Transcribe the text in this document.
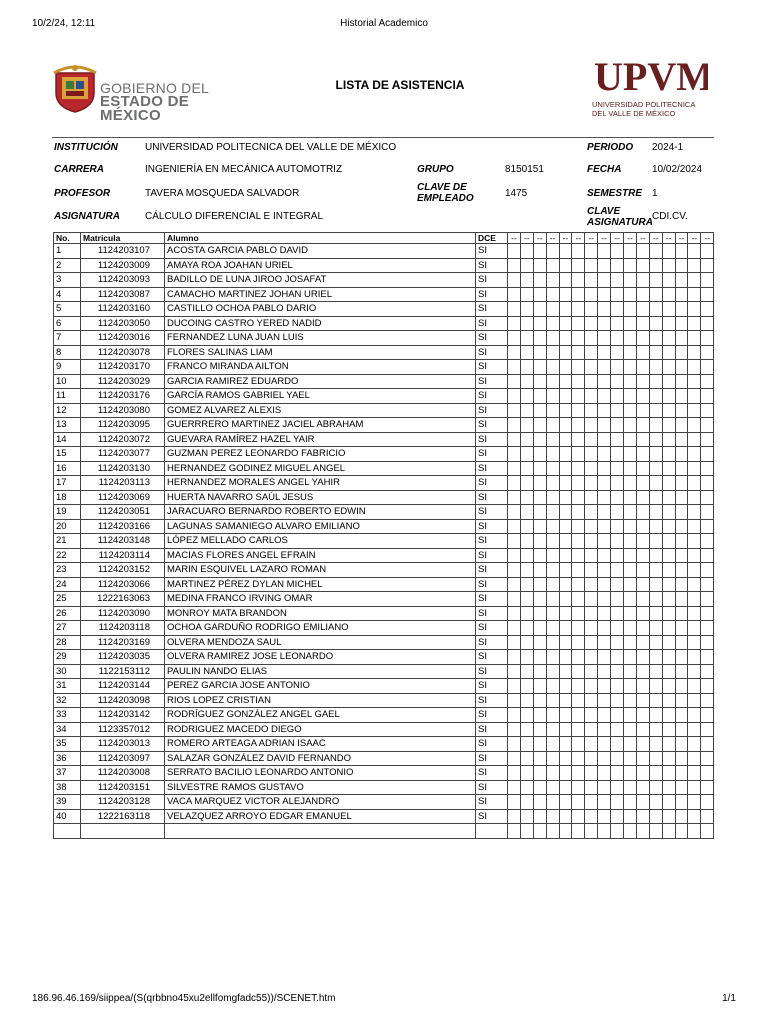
10/2/24, 12:11	Historial Academico
GOBIERNO DEL
ESTADO DE MÉXICO
LISTA DE ASISTENCIA	UPVM
UNIVERSIDAD POLITECNICA
DEL VALLE DE MÉXICO
INSTITUCIÓN	UNIVERSIDAD POLITECNICA DEL VALLE DE MÉXICO	PERIODO 2024-1
CARRERA	INGENIERÍA EN MECÁNICA AUTOMOTRIZ	GRUPO	8150151	FECHA	10/02/2024
PROFESOR	TAVERA MOSQUEDA SALVADOR
CLAVE DE
EMPLEADO	1475	SEMESTRE 1
ASIGNATURA	CÁLCULO DIFERENCIAL E INTEGRAL	CLAVE
ASIGNATURA
CDI.CV.
No.	Matricula	Alumno	DCE	--	--	--	--	--	--	--	--	--	--	--	--	--	--	--	--
1	1124203107	ACOSTA GARCIA PABLO DAVID	SI																
2	1124203009	AMAYA ROA JOAHAN URIEL	SI																
3	1124203093	BADILLO DE LUNA JIROO JOSAFAT	SI																
4	1124203087	CAMACHO MARTINEZ JOHAN URIEL	SI																
5	1124203160	CASTILLO OCHOA PABLO DARIO	SI																
6	1124203050	DUCOING CASTRO YERED NADID	SI																
7	1124203016	FERNANDEZ LUNA JUAN LUIS	SI																
8	1124203078	FLORES SALINAS LIAM	SI																
9	1124203170	FRANCO MIRANDA AILTON	SI																
10	1124203029	GARCIA RAMIREZ EDUARDO	SI																
11	1124203176	GARCÍA RAMOS GABRIEL YAEL	SI																
12	1124203080	GOMEZ ALVAREZ ALEXIS	SI																
13	1124203095	GUERRRERO MARTINEZ JACIEL ABRAHAM	SI																
14	1124203072	GUEVARA RAMÍREZ HAZEL YAIR	SI																
15	1124203077	GUZMAN PEREZ LEONARDO FABRICIO	SI																
16	1124203130	HERNANDEZ GODINEZ MIGUEL ANGEL	SI																
17	1124203113	HERNANDEZ MORALES ANGEL YAHIR	SI																
18	1124203069	HUERTA NAVARRO SAÚL JESUS	SI																
19	1124203051	JARACUARO BERNARDO ROBERTO EDWIN	SI																
20	1124203166	LAGUNAS SAMANIEGO ALVARO EMILIANO	SI																
21	1124203148	LÓPEZ MELLADO CARLOS	SI																
22	1124203114	MACIAS FLORES ANGEL EFRAIN	SI																
23	1124203152	MARIN ESQUIVEL LAZARO ROMAN	SI																
24	1124203066	MARTINEZ PÉREZ DYLAN MICHEL	SI																
25	1222163063	MEDINA FRANCO IRVING OMAR	SI																
26	1124203090	MONROY MATA BRANDON	SI																
27	1124203118	OCHOA GARDUÑO RODRIGO EMILIANO	SI																
28	1124203169	OLVERA MENDOZA SAUL	SI																
29	1124203035	OLVERA RAMIREZ JOSE LEONARDO	SI																
30	1122153112	PAULIN NANDO ELIAS	SI																
31	1124203144	PEREZ GARCIA JOSE ANTONIO	SI																
32	1124203098	RIOS LOPEZ CRISTIAN	SI																
33	1124203142	RODRÍGUEZ GONZÁLEZ ANGEL GAEL	SI																
34	1123357012	RODRIGUEZ MACEDO DIEGO	SI																
35	1124203013	ROMERO ARTEAGA ADRIAN ISAAC	SI																
36	1124203097	SALAZAR GONZÁLEZ DAVID FERNANDO	SI																
37	1124203008	SERRATO BACILIO LEONARDO ANTONIO	SI																
38	1124203151	SILVESTRE RAMOS GUSTAVO	SI																
39	1124203128	VACA MARQUEZ VICTOR ALEJANDRO	SI																
40	1222163118	VELAZQUEZ ARROYO EDGAR EMANUEL	SI																

186.96.46.169/siippea/(S(qrbbno45xu2ellfomgfadc55))/SCENET.htm	1/1
